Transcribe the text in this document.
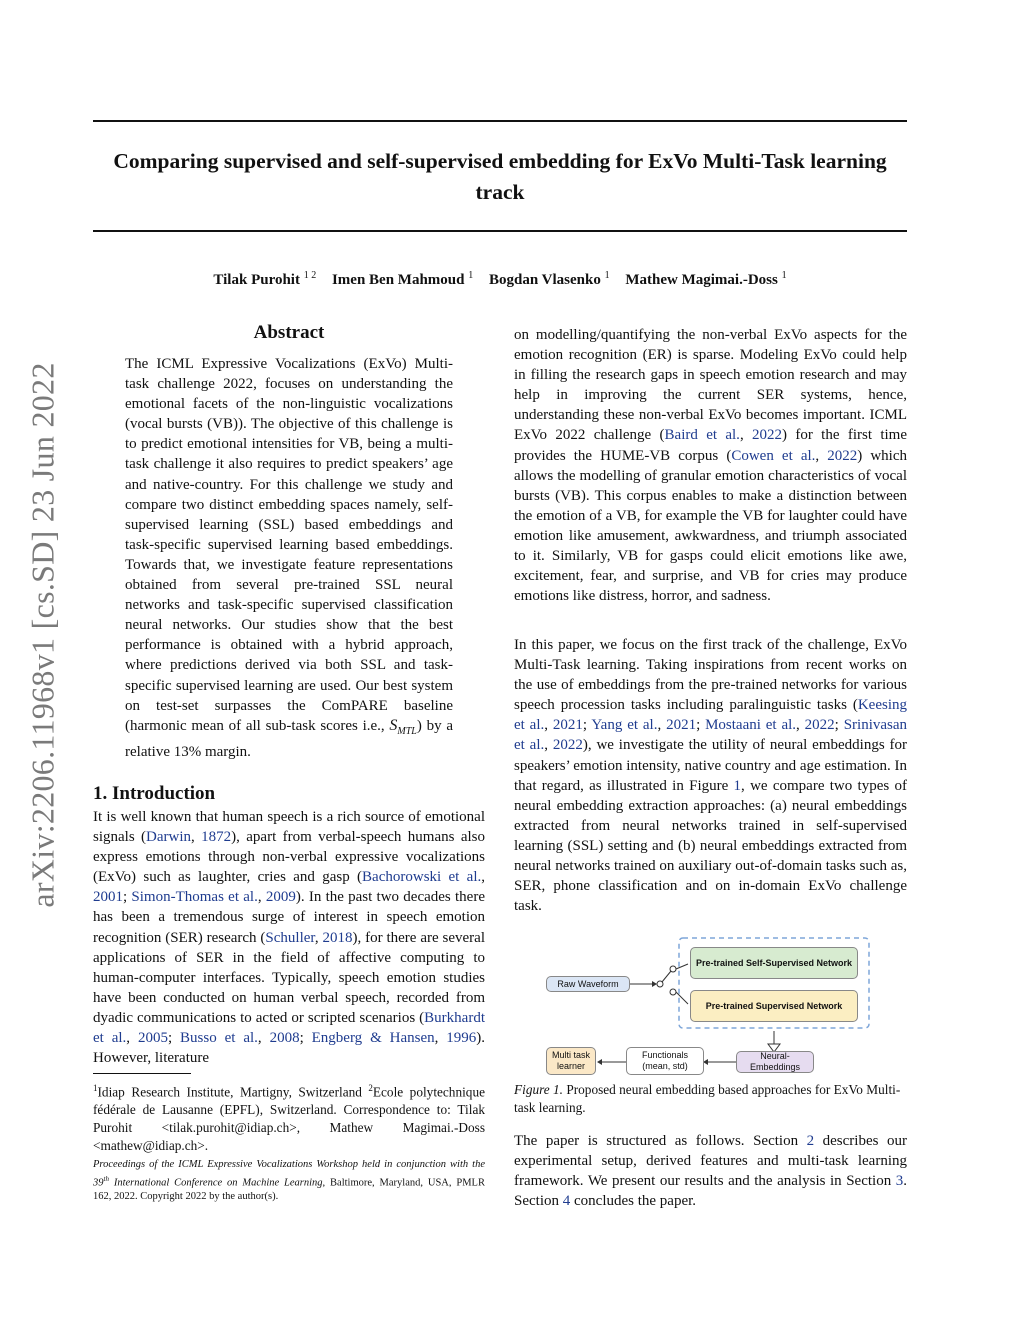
Comparing supervised and self-supervised embedding for ExVo Multi-Task learning track
Tilak Purohit $^{1 2}$ Imen Ben Mahmoud $^1$ Bogdan Vlasenko $^1$ Mathew Magimai.-Doss $^1$
arXiv:2206.11968v1 [cs.SD] 23 Jun 2022
Abstract
The ICML Expressive Vocalizations (ExVo) Multi-task challenge 2022, focuses on understanding the emotional facets of the non-linguistic vocalizations (vocal bursts (VB)). The objective of this challenge is to predict emotional intensities for VB, being a multi-task challenge it also requires to predict speakers’ age and native-country. For this challenge we study and compare two distinct embedding spaces namely, self-supervised learning (SSL) based embeddings and task-specific supervised learning based embeddings. Towards that, we investigate feature representations obtained from several pre-trained SSL neural networks and task-specific supervised classification neural networks. Our studies show that the best performance is obtained with a hybrid approach, where predictions derived via both SSL and task-specific supervised learning are used. Our best system on test-set surpasses the ComPARE baseline (harmonic mean of all sub-task scores i.e., $S_{MTL}$) by a relative 13% margin.
1. Introduction
It is well known that human speech is a rich source of emotional signals (Darwin, 1872), apart from verbal-speech humans also express emotions through non-verbal expressive vocalizations (ExVo) such as laughter, cries and gasp (Bachorowski et al., 2001; Simon-Thomas et al., 2009). In the past two decades there has been a tremendous surge of interest in speech emotion recognition (SER) research (Schuller, 2018), for there are several applications of SER in the field of affective computing to human-computer interfaces. Typically, speech emotion studies have been conducted on human verbal speech, recorded from dyadic communications to acted or scripted scenarios (Burkhardt et al., 2005; Busso et al., 2008; Engberg & Hansen, 1996). However, literature
$^1$Idiap Research Institute, Martigny, Switzerland $^2$Ecole polytechnique fédérale de Lausanne (EPFL), Switzerland. Correspondence to: Tilak Purohit <tilak.purohit@idiap.ch>, Mathew Magimai.-Doss <mathew@idiap.ch>.
Proceedings of the ICML Expressive Vocalizations Workshop held in conjunction with the 39th International Conference on Machine Learning, Baltimore, Maryland, USA, PMLR 162, 2022. Copyright 2022 by the author(s).
on modelling/quantifying the non-verbal ExVo aspects for the emotion recognition (ER) is sparse. Modeling ExVo could help in filling the research gaps in speech emotion research and may help in improving the current SER systems, hence, understanding these non-verbal ExVo becomes important. ICML ExVo 2022 challenge (Baird et al., 2022) for the first time provides the HUME-VB corpus (Cowen et al., 2022) which allows the modelling of granular emotion characteristics of vocal bursts (VB). This corpus enables to make a distinction between the emotion of a VB, for example the VB for laughter could have emotion like amusement, awkwardness, and triumph associated to it. Similarly, VB for gasps could elicit emotions like awe, excitement, fear, and surprise, and VB for cries may produce emotions like distress, horror, and sadness.
In this paper, we focus on the first track of the challenge, ExVo Multi-Task learning. Taking inspirations from recent works on the use of embeddings from the pre-trained networks for various speech procession tasks including paralinguistic tasks (Keesing et al., 2021; Yang et al., 2021; Mostaani et al., 2022; Srinivasan et al., 2022), we investigate the utility of neural embeddings for speakers’ emotion intensity, native country and age estimation. In that regard, as illustrated in Figure 1, we compare two types of neural embedding extraction approaches: (a) neural embeddings extracted from neural networks trained in self-supervised learning (SSL) setting and (b) neural embeddings extracted from neural networks trained on auxiliary out-of-domain tasks such as, SER, phone classification and on in-domain ExVo challenge task.
Raw Waveform
Pre-trained Self-Supervised Network
Pre-trained Supervised Network
Neural-Embeddings
Functionals
(mean, std)
Multi task
learner
Figure 1. Proposed neural embedding based approaches for ExVo Multi-task learning.
The paper is structured as follows. Section 2 describes our experimental setup, derived features and multi-task learning framework. We present our results and the analysis in Section 3. Section 4 concludes the paper.
